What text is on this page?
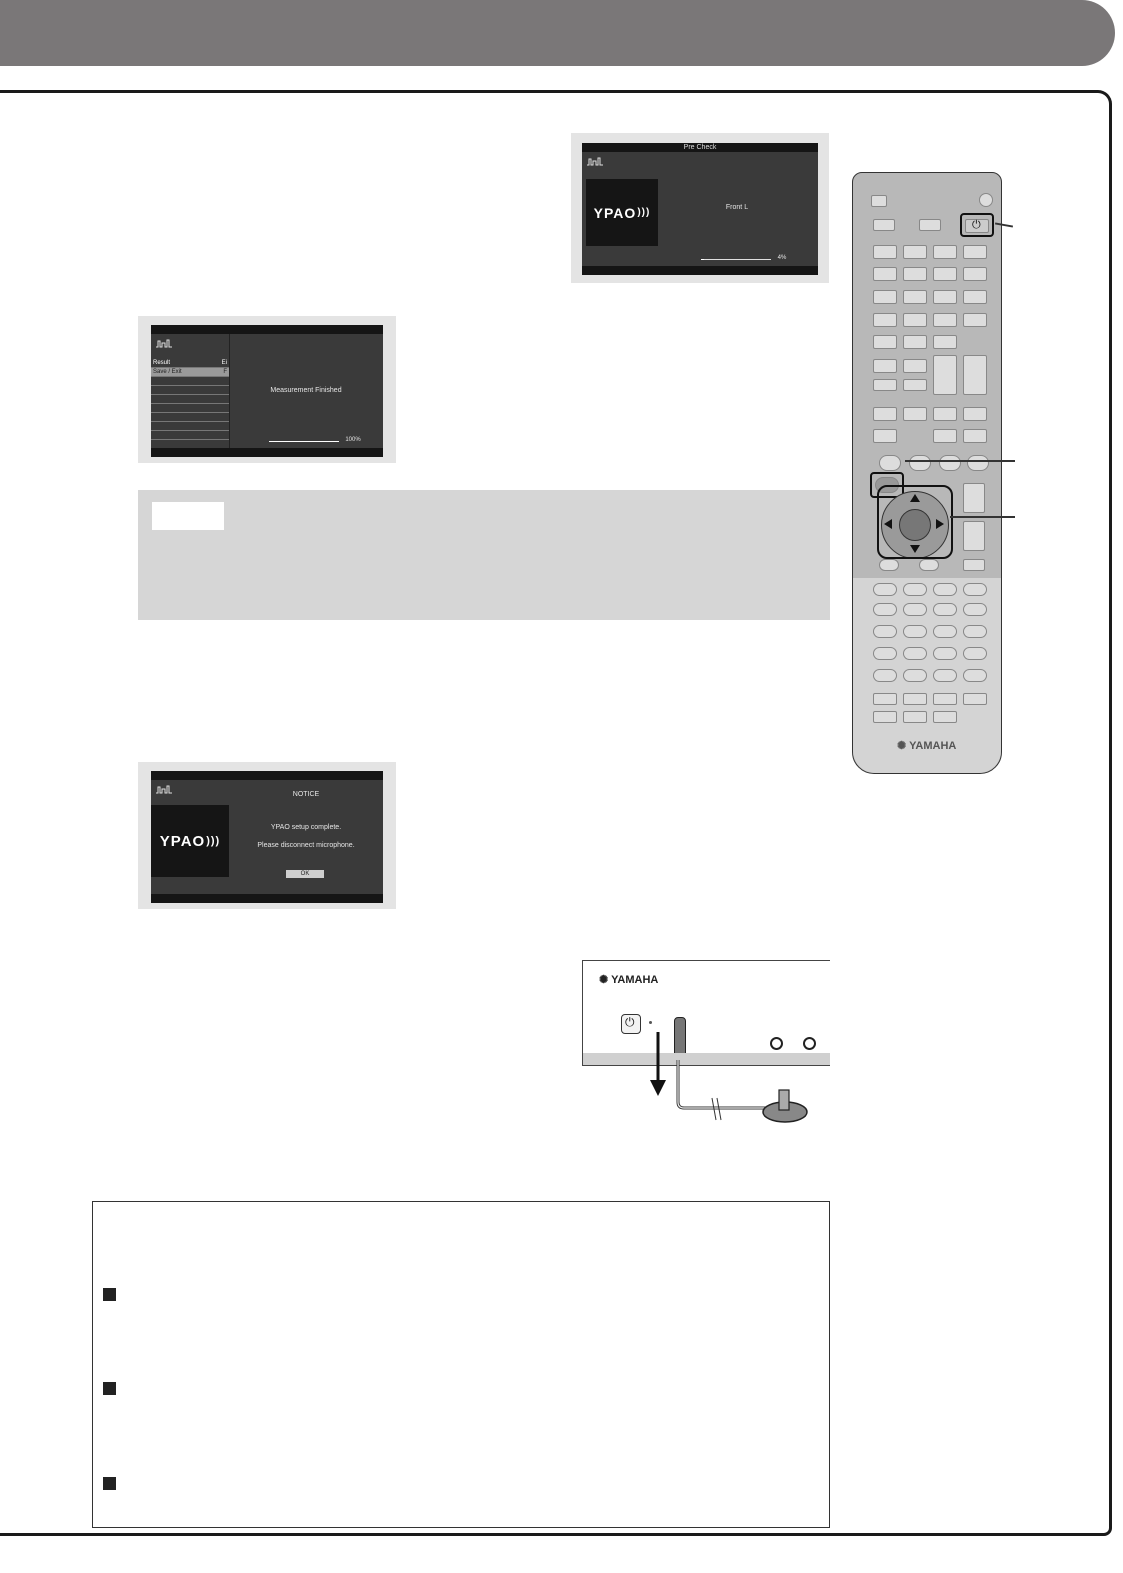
Pre Check
YPAO )))	Front L
4%
Result	Ei
Save / Exit	F
Measurement Finished
100%
YPAO )))
NOTICE
YPAO setup complete.
Please disconnect microphone.
OK
⏻
✺ YAMAHA
✺ YAMAHA
⏻
